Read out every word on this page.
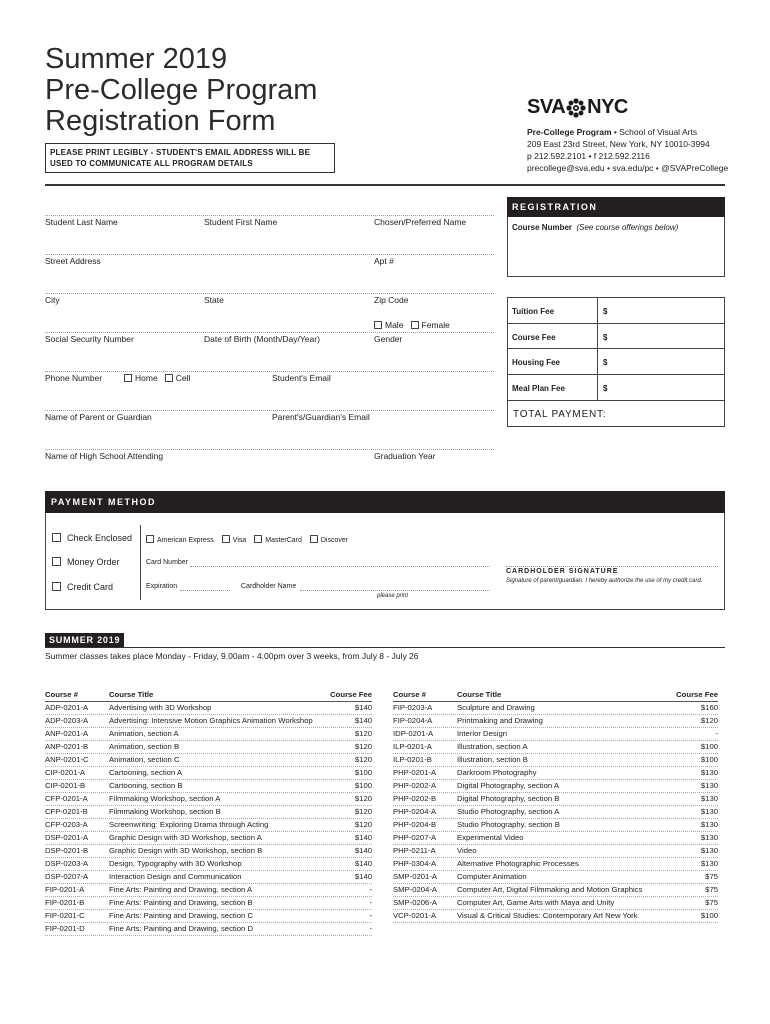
Summer 2019
Pre-College Program
Registration Form
PLEASE PRINT LEGIBLY - STUDENT'S EMAIL ADDRESS WILL BE USED TO COMMUNICATE ALL PROGRAM DETAILS
SVA NYC
Pre-College Program • School of Visual Arts
209 East 23rd Street, New York, NY 10010-3994
p 212.592.2101 • f 212.592.2116
precollege@sva.edu • sva.edu/pc • @SVAPreCollege
Student Last Name	Student First Name	Chosen/Preferred Name
Street Address	Apt #
City	State	Zip Code
Male Female
Social Security Number	Date of Birth (Month/Day/Year)	Gender
Phone Number	Home Cell	Student's Email
Name of Parent or Guardian	Parent's/Guardian's Email
Name of High School Attending	Graduation Year
REGISTRATION
Course Number (See course offerings below)
Tuition Fee	$
Course Fee	$
Housing Fee	$
Meal Plan Fee	$
TOTAL PAYMENT:
PAYMENT METHOD
Check Enclosed
Money Order
Credit Card
American Express	Visa	MasterCard	Discover
Card Number
Expiration	Cardholder Name
please print
CARDHOLDER SIGNATURE
Signature of parent/guardian. I hereby authorize the use of my credit card.
SUMMER 2019
Summer classes takes place Monday - Friday, 9.00am - 4.00pm over 3 weeks, from July 8 - July 26
Course #	Course Title	Course Fee
ADP-0201-A	Advertising with 3D Workshop	$140
ADP-0203-A	Advertising: Intensive Motion Graphics Animation Workshop	$140
ANP-0201-A	Animation, section A	$120
ANP-0201-B	Animation, section B	$120
ANP-0201-C	Animation, section C	$120
CIP-0201-A	Cartooning, section A	$100
CIP-0201-B	Cartooning, section B	$100
CFP-0201-A	Filmmaking Workshop, section A	$120
CFP-0201-B	Filmmaking Workshop, section B	$120
CFP-0203-A	Screenwriting: Exploring Drama through Acting	$120
DSP-0201-A	Graphic Design with 3D Workshop, section A	$140
DSP-0201-B	Graphic Design with 3D Workshop, section B	$140
DSP-0203-A	Design, Typography with 3D Workshop	$140
DSP-0207-A	Interaction Design and Communication	$140
FIP-0201-A	Fine Arts: Painting and Drawing, section A	-
FIP-0201-B	Fine Arts: Painting and Drawing, section B	-
FIP-0201-C	Fine Arts: Painting and Drawing, section C	-
FIP-0201-D	Fine Arts: Painting and Drawing, section D	-
Course #	Course Title	Course Fee
FIP-0203-A	Sculpture and Drawing	$160
FIP-0204-A	Printmaking and Drawing	$120
IDP-0201-A	Interior Design	-
ILP-0201-A	Illustration, section A	$100
ILP-0201-B	Illustration, section B	$100
PHP-0201-A	Darkroom Photography	$130
PHP-0202-A	Digital Photography, section A	$130
PHP-0202-B	Digital Photography, section B	$130
PHP-0204-A	Studio Photography, section A	$130
PHP-0204-B	Studio Photography, section B	$130
PHP-0207-A	Experimental Video	$130
PHP-0211-A	Video	$130
PHP-0304-A	Alternative Photographic Processes	$130
SMP-0201-A	Computer Animation	$75
SMP-0204-A	Computer Art, Digital Filmmaking and Motion Graphics	$75
SMP-0206-A	Computer Art, Game Arts with Maya and Unity	$75
VCP-0201-A	Visual & Critical Studies: Contemporary Art New York	$100
